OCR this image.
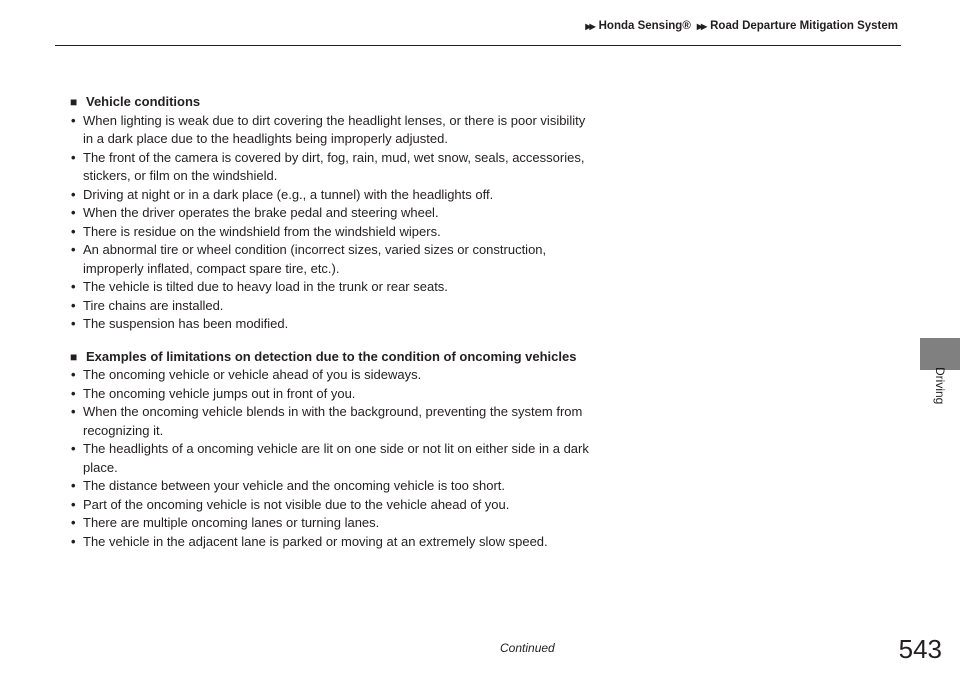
▶▶ Honda Sensing® ▶▶ Road Departure Mitigation System
■ Vehicle conditions
• When lighting is weak due to dirt covering the headlight lenses, or there is poor visibility in a dark place due to the headlights being improperly adjusted.
• The front of the camera is covered by dirt, fog, rain, mud, wet snow, seals, accessories, stickers, or film on the windshield.
• Driving at night or in a dark place (e.g., a tunnel) with the headlights off.
• When the driver operates the brake pedal and steering wheel.
• There is residue on the windshield from the windshield wipers.
• An abnormal tire or wheel condition (incorrect sizes, varied sizes or construction, improperly inflated, compact spare tire, etc.).
• The vehicle is tilted due to heavy load in the trunk or rear seats.
• Tire chains are installed.
• The suspension has been modified.
■ Examples of limitations on detection due to the condition of oncoming vehicles
• The oncoming vehicle or vehicle ahead of you is sideways.
• The oncoming vehicle jumps out in front of you.
• When the oncoming vehicle blends in with the background, preventing the system from recognizing it.
• The headlights of a oncoming vehicle are lit on one side or not lit on either side in a dark place.
• The distance between your vehicle and the oncoming vehicle is too short.
• Part of the oncoming vehicle is not visible due to the vehicle ahead of you.
• There are multiple oncoming lanes or turning lanes.
• The vehicle in the adjacent lane is parked or moving at an extremely slow speed.
Driving
Continued	543
